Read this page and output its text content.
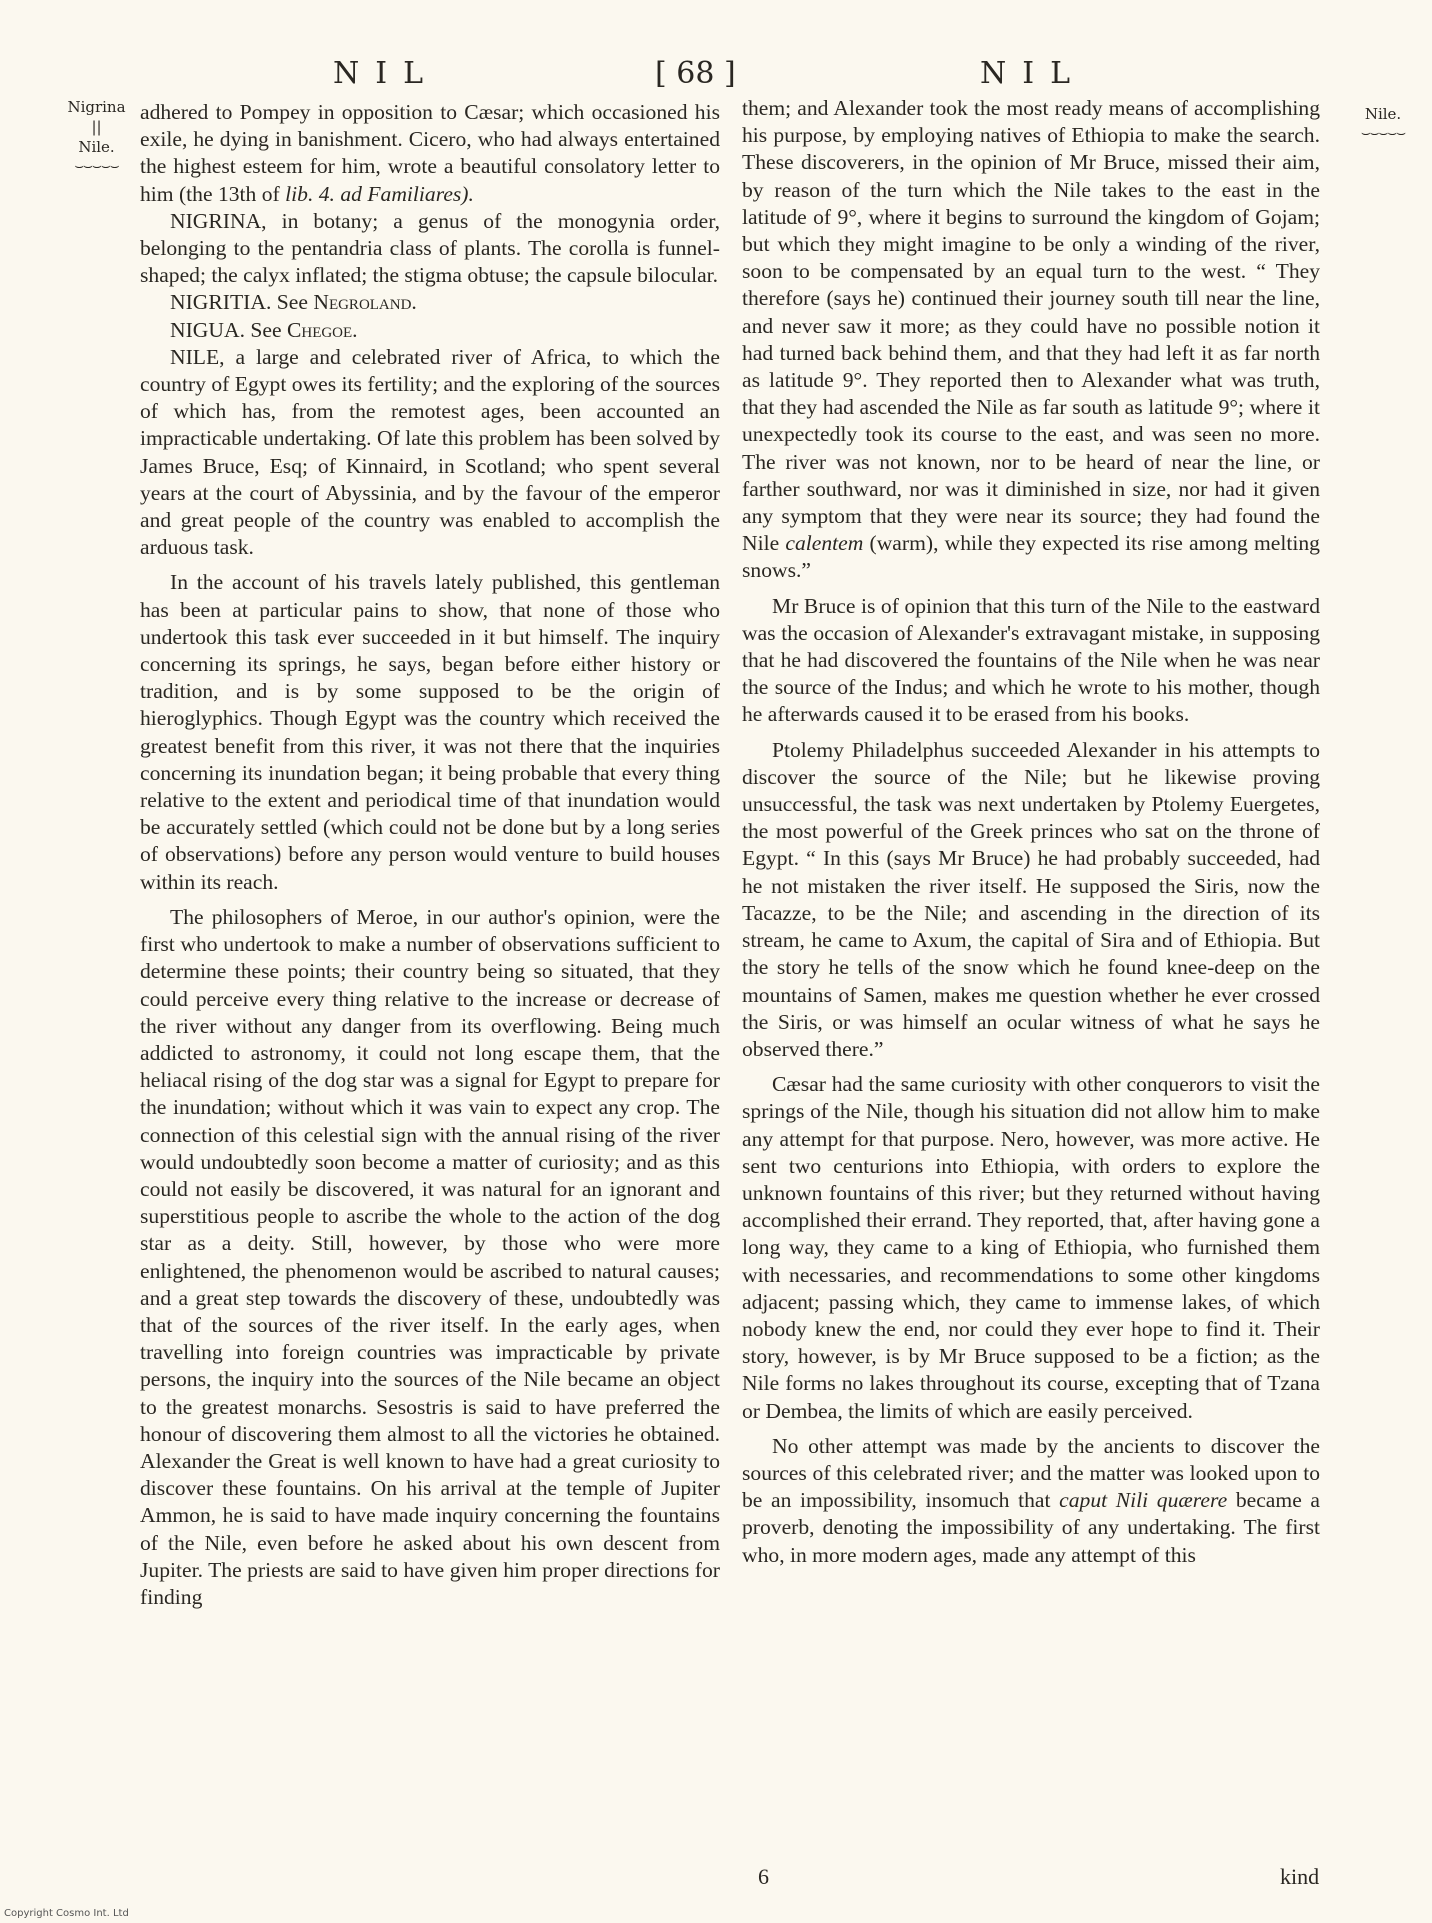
NIL	[ 68 ]	NIL
Nigrina
||
Nile.
⌣⌣⌣⌣⌣
Nile.
⌣⌣⌣⌣⌣

adhered to Pompey in opposition to Cæsar; which occasioned his exile, he dying in banishment. Cicero, who had always entertained the highest esteem for him, wrote a beautiful consolatory letter to him (the 13th of lib. 4. ad Familiares).

NIGRINA, in botany; a genus of the monogynia order, belonging to the pentandria class of plants. The corolla is funnel-shaped; the calyx inflated; the stigma obtuse; the capsule bilocular.

NIGRITIA. See Negroland.

NIGUA. See Chegoe.

NILE, a large and celebrated river of Africa, to which the country of Egypt owes its fertility; and the exploring of the sources of which has, from the remotest ages, been accounted an impracticable undertaking. Of late this problem has been solved by James Bruce, Esq; of Kinnaird, in Scotland; who spent several years at the court of Abyssinia, and by the favour of the emperor and great people of the country was enabled to accomplish the arduous task.

In the account of his travels lately published, this gentleman has been at particular pains to show, that none of those who undertook this task ever succeeded in it but himself. The inquiry concerning its springs, he says, began before either history or tradition, and is by some supposed to be the origin of hieroglyphics. Though Egypt was the country which received the greatest benefit from this river, it was not there that the inquiries concerning its inundation began; it being probable that every thing relative to the extent and periodical time of that inundation would be accurately settled (which could not be done but by a long series of observations) before any person would venture to build houses within its reach.

The philosophers of Meroe, in our author's opinion, were the first who undertook to make a number of observations sufficient to determine these points; their country being so situated, that they could perceive every thing relative to the increase or decrease of the river without any danger from its overflowing. Being much addicted to astronomy, it could not long escape them, that the heliacal rising of the dog star was a signal for Egypt to prepare for the inundation; without which it was vain to expect any crop. The connection of this celestial sign with the annual rising of the river would undoubtedly soon become a matter of curiosity; and as this could not easily be discovered, it was natural for an ignorant and superstitious people to ascribe the whole to the action of the dog star as a deity. Still, however, by those who were more enlightened, the phenomenon would be ascribed to natural causes; and a great step towards the discovery of these, undoubtedly was that of the sources of the river itself. In the early ages, when travelling into foreign countries was impracticable by private persons, the inquiry into the sources of the Nile became an object to the greatest monarchs. Sesostris is said to have preferred the honour of discovering them almost to all the victories he obtained. Alexander the Great is well known to have had a great curiosity to discover these fountains. On his arrival at the temple of Jupiter Ammon, he is said to have made inquiry concerning the fountains of the Nile, even before he asked about his own descent from Jupiter. The priests are said to have given him proper directions for finding

them; and Alexander took the most ready means of accomplishing his purpose, by employing natives of Ethiopia to make the search. These discoverers, in the opinion of Mr Bruce, missed their aim, by reason of the turn which the Nile takes to the east in the latitude of 9°, where it begins to surround the kingdom of Gojam; but which they might imagine to be only a winding of the river, soon to be compensated by an equal turn to the west. “ They therefore (says he) continued their journey south till near the line, and never saw it more; as they could have no possible notion it had turned back behind them, and that they had left it as far north as latitude 9°. They reported then to Alexander what was truth, that they had ascended the Nile as far south as latitude 9°; where it unexpectedly took its course to the east, and was seen no more. The river was not known, nor to be heard of near the line, or farther southward, nor was it diminished in size, nor had it given any symptom that they were near its source; they had found the Nile calentem (warm), while they expected its rise among melting snows.”

Mr Bruce is of opinion that this turn of the Nile to the eastward was the occasion of Alexander's extravagant mistake, in supposing that he had discovered the fountains of the Nile when he was near the source of the Indus; and which he wrote to his mother, though he afterwards caused it to be erased from his books.

Ptolemy Philadelphus succeeded Alexander in his attempts to discover the source of the Nile; but he likewise proving unsuccessful, the task was next undertaken by Ptolemy Euergetes, the most powerful of the Greek princes who sat on the throne of Egypt. “ In this (says Mr Bruce) he had probably succeeded, had he not mistaken the river itself. He supposed the Siris, now the Tacazze, to be the Nile; and ascending in the direction of its stream, he came to Axum, the capital of Sira and of Ethiopia. But the story he tells of the snow which he found knee-deep on the mountains of Samen, makes me question whether he ever crossed the Siris, or was himself an ocular witness of what he says he observed there.”

Cæsar had the same curiosity with other conquerors to visit the springs of the Nile, though his situation did not allow him to make any attempt for that purpose. Nero, however, was more active. He sent two centurions into Ethiopia, with orders to explore the unknown fountains of this river; but they returned without having accomplished their errand. They reported, that, after having gone a long way, they came to a king of Ethiopia, who furnished them with necessaries, and recommendations to some other kingdoms adjacent; passing which, they came to immense lakes, of which nobody knew the end, nor could they ever hope to find it. Their story, however, is by Mr Bruce supposed to be a fiction; as the Nile forms no lakes throughout its course, excepting that of Tzana or Dembea, the limits of which are easily perceived.

No other attempt was made by the ancients to discover the sources of this celebrated river; and the matter was looked upon to be an impossibility, insomuch that caput Nili quærere became a proverb, denoting the impossibility of any undertaking. The first who, in more modern ages, made any attempt of this

6	kind
Copyright Cosmo Int. Ltd
